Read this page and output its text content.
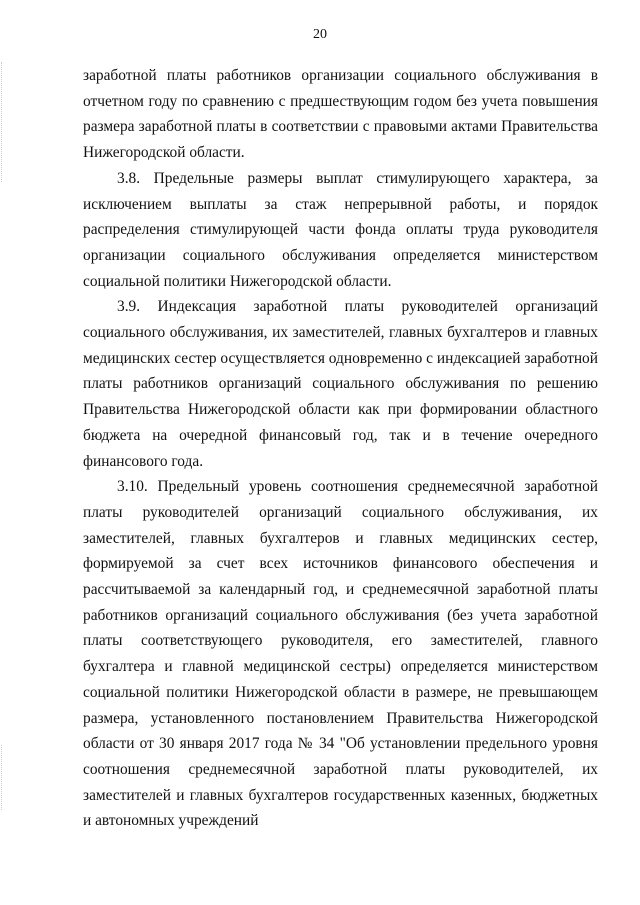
20

заработной платы работников организации социального обслуживания в отчетном году по сравнению с предшествующим годом без учета повышения размера заработной платы в соответствии с правовыми актами Правительства Нижегородской области.

3.8. Предельные размеры выплат стимулирующего характера, за исключением выплаты за стаж непрерывной работы, и порядок распределения стимулирующей части фонда оплаты труда руководителя организации социального обслуживания определяется министерством социальной политики Нижегородской области.

3.9. Индексация заработной платы руководителей организаций социального обслуживания, их заместителей, главных бухгалтеров и главных медицинских сестер осуществляется одновременно с индексацией заработной платы работников организаций социального обслуживания по решению Правительства Нижегородской области как при формировании областного бюджета на очередной финансовый год, так и в течение очередного финансового года.

3.10. Предельный уровень соотношения среднемесячной заработной платы руководителей организаций социального обслуживания, их заместителей, главных бухгалтеров и главных медицинских сестер, формируемой за счет всех источников финансового обеспечения и рассчитываемой за календарный год, и среднемесячной заработной платы работников организаций социального обслуживания (без учета заработной платы соответствующего руководителя, его заместителей, главного бухгалтера и главной медицинской сестры) определяется министерством социальной политики Нижегородской области в размере, не превышающем размера, установленного постановлением Правительства Нижегородской области от 30 января 2017 года № 34 "Об установлении предельного уровня соотношения среднемесячной заработной платы руководителей, их заместителей и главных бухгалтеров государственных казенных, бюджетных и автономных учреждений
